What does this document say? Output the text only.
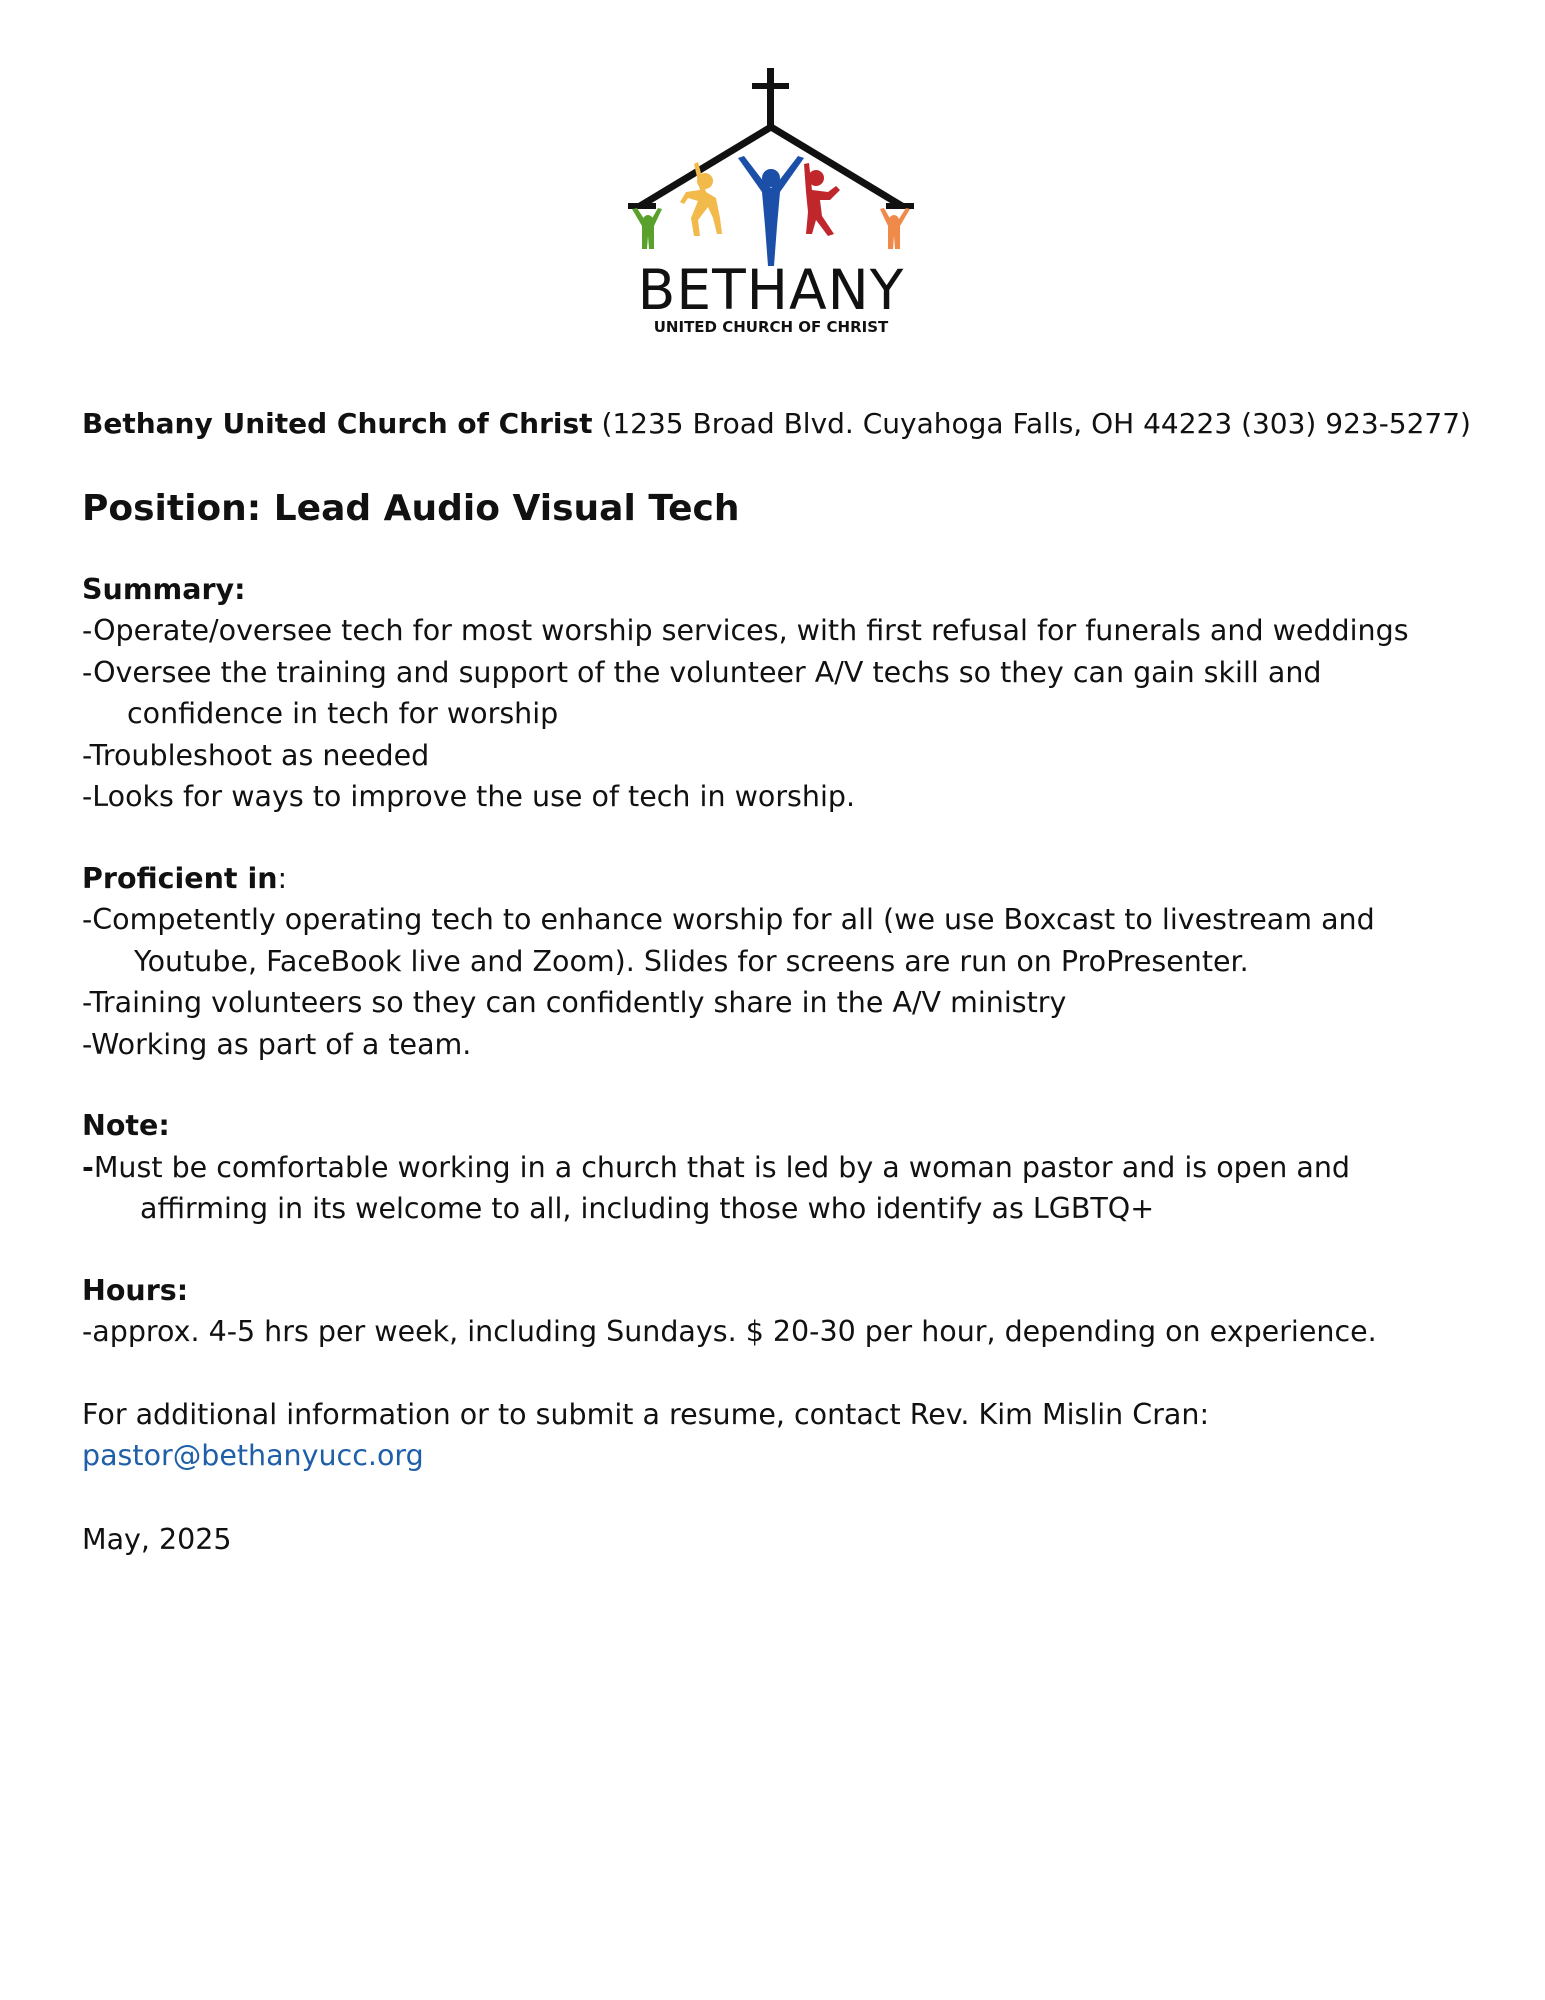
BETHANY
UNITED CHURCH OF CHRIST

Bethany United Church of Christ (1235 Broad Blvd. Cuyahoga Falls, OH 44223 (303) 923-5277)

Position: Lead Audio Visual Tech

Summary:

-Operate/oversee tech for most worship services, with first refusal for funerals and weddings

-Oversee the training and support of the volunteer A/V techs so they can gain skill and

confidence in tech for worship

-Troubleshoot as needed

-Looks for ways to improve the use of tech in worship.

Proficient in:

-Competently operating tech to enhance worship for all (we use Boxcast to livestream and

Youtube, FaceBook live and Zoom). Slides for screens are run on ProPresenter.

-Training volunteers so they can confidently share in the A/V ministry

-Working as part of a team.

Note:

-Must be comfortable working in a church that is led by a woman pastor and is open and

affirming in its welcome to all, including those who identify as LGBTQ+

Hours:

-approx. 4-5 hrs per week, including Sundays. $ 20-30 per hour, depending on experience.

For additional information or to submit a resume, contact Rev. Kim Mislin Cran:

pastor@bethanyucc.org

May, 2025
